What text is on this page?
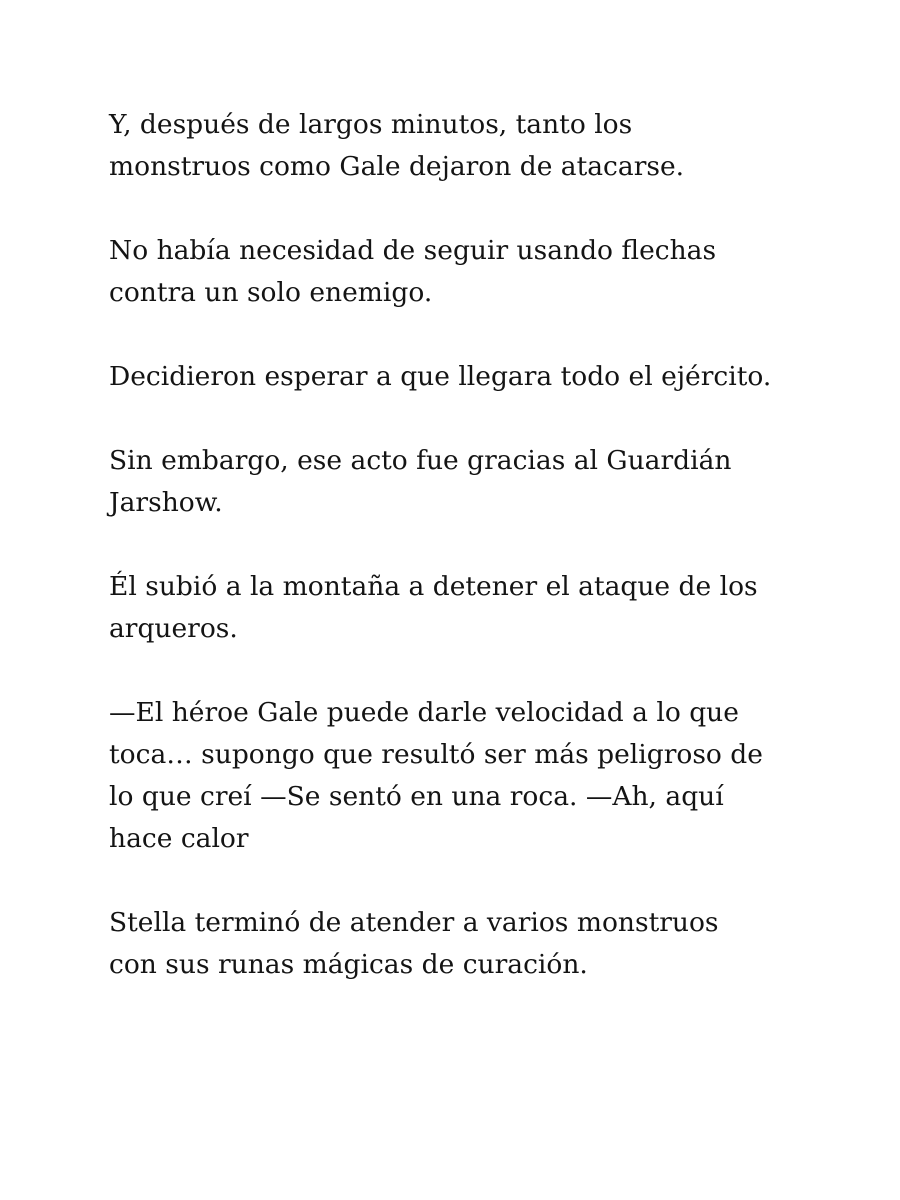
Y, después de largos minutos, tanto los
monstruos como Gale dejaron de atacarse.

No había necesidad de seguir usando flechas
contra un solo enemigo.

Decidieron esperar a que llegara todo el ejército.

Sin embargo, ese acto fue gracias al Guardián
Jarshow.

Él subió a la montaña a detener el ataque de los
arqueros.

—El héroe Gale puede darle velocidad a lo que
toca… supongo que resultó ser más peligroso de
lo que creí —Se sentó en una roca. —Ah, aquí
hace calor

Stella terminó de atender a varios monstruos
con sus runas mágicas de curación.
